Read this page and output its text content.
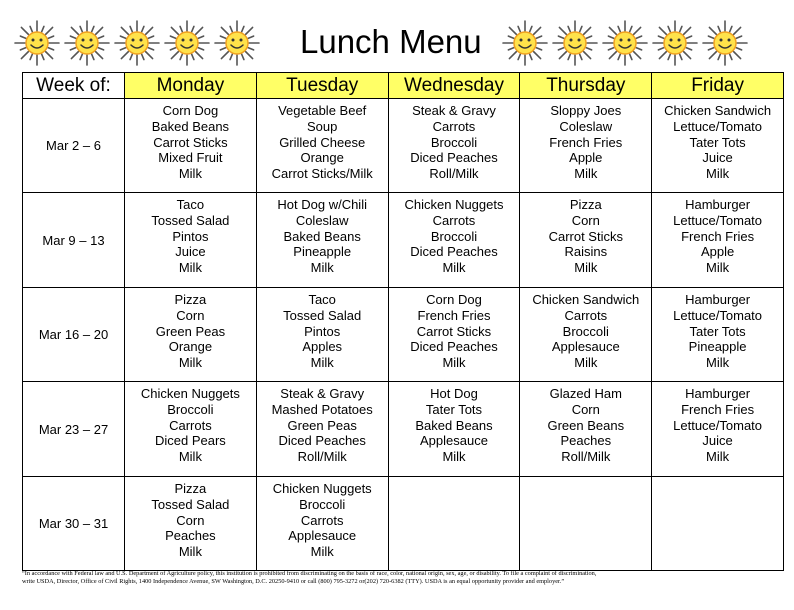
Lunch Menu
Week of:	Monday	Tuesday	Wednesday	Thursday	Friday
Mar 2 – 6	Corn Dog
Baked Beans
Carrot Sticks
Mixed Fruit
Milk	Vegetable Beef
Soup
Grilled Cheese
Orange
Carrot Sticks/Milk	Steak & Gravy
Carrots
Broccoli
Diced Peaches
Roll/Milk	Sloppy Joes
Coleslaw
French Fries
Apple
Milk	Chicken Sandwich
Lettuce/Tomato
Tater Tots
Juice
Milk

Mar 9 – 13	Taco
Tossed Salad
Pintos
Juice
Milk	Hot Dog w/Chili
Coleslaw
Baked Beans
Pineapple
Milk	Chicken Nuggets
Carrots
Broccoli
Diced Peaches
Milk	Pizza
Corn
Carrot Sticks
Raisins
Milk	Hamburger
Lettuce/Tomato
French Fries
Apple
Milk

Mar 16 – 20	Pizza
Corn
Green Peas
Orange
Milk	Taco
Tossed Salad
Pintos
Apples
Milk	Corn Dog
French Fries
Carrot Sticks
Diced Peaches
Milk	Chicken Sandwich
Carrots
Broccoli
Applesauce
Milk	Hamburger
Lettuce/Tomato
Tater Tots
Pineapple
Milk

Mar 23 – 27	Chicken Nuggets
Broccoli
Carrots
Diced Pears
Milk	Steak & Gravy
Mashed Potatoes
Green Peas
Diced Peaches
Roll/Milk	Hot Dog
Tater Tots
Baked Beans
Applesauce
Milk	Glazed Ham
Corn
Green Beans
Peaches
Roll/Milk	Hamburger
French Fries
Lettuce/Tomato
Juice
Milk

Mar 30 – 31	Pizza
Tossed Salad
Corn
Peaches
Milk	Chicken Nuggets
Broccoli
Carrots
Applesauce
Milk			

“In accordance with Federal law and U.S. Department of Agriculture policy, this institution is prohibited from discriminating on the basis of race, color, national origin, sex, age, or disability. To file a complaint of discrimination,
write USDA, Director, Office of Civil Rights, 1400 Independence Avenue, SW Washington, D.C. 20250-9410 or call (800) 795-3272 or(202) 720-6382 (TTY). USDA is an equal opportunity provider and employer.”
